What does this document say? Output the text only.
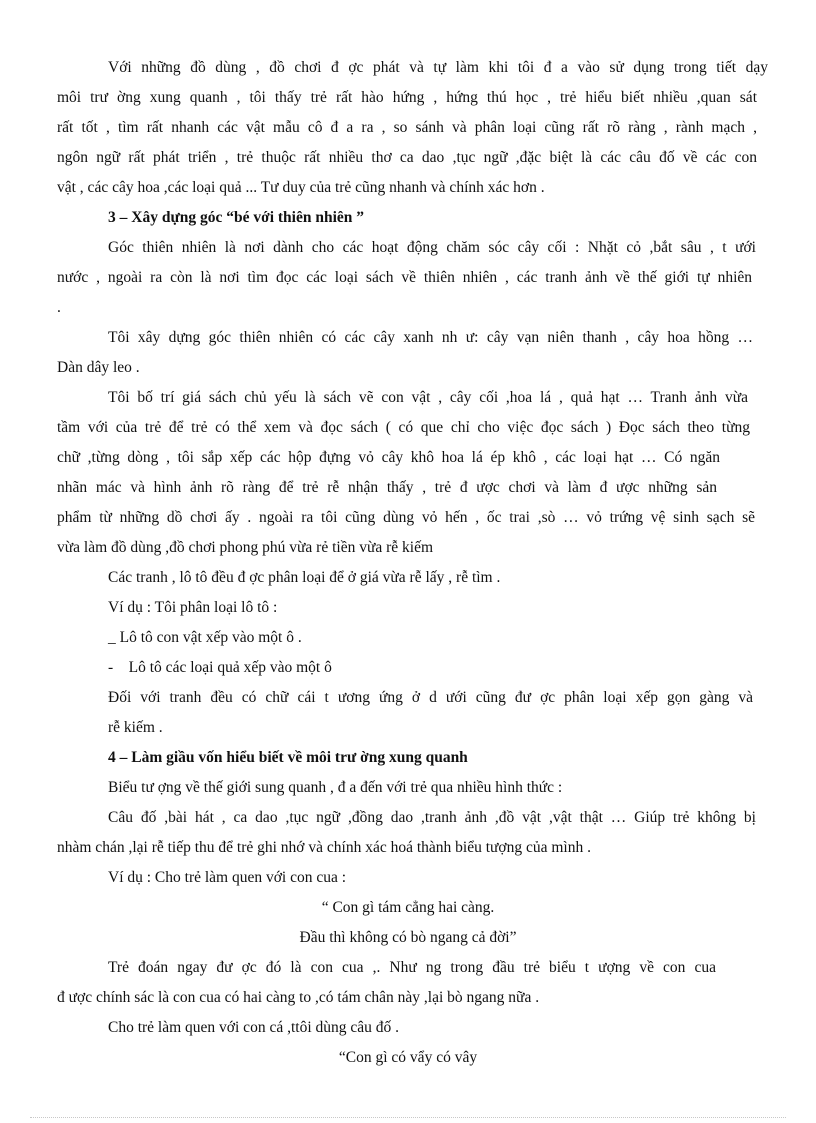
Với những đồ dùng , đồ chơi đ ợc phát và tự làm khi tôi đ a vào sử dụng trong tiết dạy
môi trư ờng xung quanh , tôi thấy trẻ rất hào hứng , hứng thú học , trẻ hiểu biết nhiều ,quan sát
rất tốt , tìm rất nhanh các vật mẫu cô đ a ra , so sánh và phân loại cũng rất rõ ràng , rành mạch ,
ngôn ngữ rất phát triển , trẻ thuộc rất nhiều thơ ca dao ,tục ngữ ,đặc biệt là các câu đố về các con
vật , các cây hoa ,các loại quả ... Tư duy của trẻ cũng nhanh và chính xác hơn .
3 – Xây dựng góc “bé với thiên nhiên ”
Góc thiên nhiên là nơi dành cho các hoạt động chăm sóc cây cối : Nhặt cỏ ,bắt sâu , t ưới
nước , ngoài ra còn là nơi tìm đọc các loại sách về thiên nhiên , các tranh ảnh về thế giới tự nhiên
.
Tôi xây dựng góc thiên nhiên có các cây xanh nh ư: cây vạn niên thanh , cây hoa hồng …
Dàn dây leo .
Tôi bố trí giá sách chủ yếu là sách vẽ con vật , cây cối ,hoa lá , quả hạt … Tranh ảnh vừa
tầm với của trẻ để trẻ có thể xem và đọc sách ( có que chỉ cho việc đọc sách ) Đọc sách theo từng
chữ ,từng dòng , tôi sắp xếp các hộp đựng vỏ cây khô hoa lá ép khô , các loại hạt … Có ngăn
nhãn mác và hình ảnh rõ ràng để trẻ rễ nhận thấy , trẻ đ ược chơi và làm đ ược những sản
phẩm từ những dồ chơi ấy . ngoài ra tôi cũng dùng vỏ hến , ốc trai ,sò … vỏ trứng vệ sinh sạch sẽ
vừa làm đồ dùng ,đồ chơi phong phú vừa rẻ tiền vừa rễ kiếm
Các tranh , lô tô đều đ ợc phân loại để ở giá vừa rễ lấy , rễ tìm .
Ví dụ : Tôi phân loại lô tô :
_ Lô tô con vật xếp vào một ô .
-    Lô tô các loại quả xếp vào một ô
Đối với tranh đều có chữ cái t ương ứng ở d ưới cũng đư ợc phân loại xếp gọn gàng và
rễ kiếm .
4 – Làm giầu vốn hiểu biết về môi trư ờng xung quanh
Biểu tư ợng về thế giới sung quanh , đ a đến với trẻ qua nhiều hình thức :
Câu đố ,bài hát , ca dao ,tục ngữ ,đồng dao ,tranh ảnh ,đồ vật ,vật thật … Giúp trẻ không bị
nhàm chán ,lại rễ tiếp thu để trẻ ghi nhớ và chính xác hoá thành biểu tượng của mình .
Ví dụ : Cho trẻ làm quen với con cua :
“ Con gì tám cẳng hai càng.
Đầu thì không có bò ngang cả đời”
Trẻ đoán ngay đư ợc đó là con cua ,. Như ng trong đầu trẻ biểu t ượng về con cua
đ ược chính sác là con cua có hai càng to ,có tám chân này ,lại bò ngang nữa .
Cho trẻ làm quen với con cá ,ttôi dùng câu đố .
“Con gì có vẩy có vây
